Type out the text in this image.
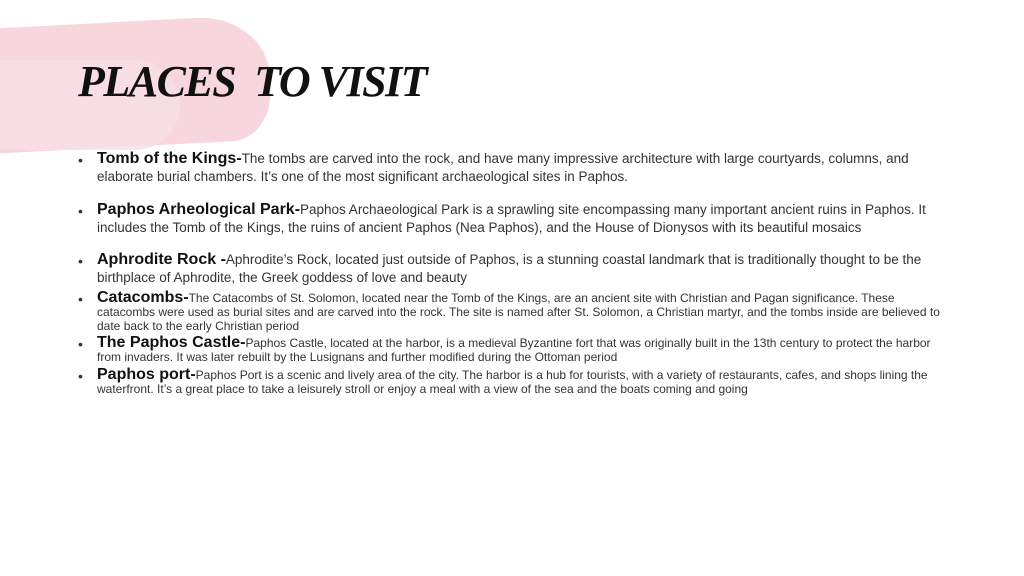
PLACES  TO VISIT
• Tomb of the Kings-The tombs are carved into the rock, and have many impressive architecture with large courtyards, columns, and elaborate burial chambers. It’s one of the most significant archaeological sites in Paphos.
• Paphos Arheological Park-Paphos Archaeological Park is a sprawling site encompassing many important ancient ruins in Paphos. It includes the Tomb of the Kings, the ruins of ancient Paphos (Nea Paphos), and the House of Dionysos with its beautiful mosaics
• Aphrodite Rock -Aphrodite’s Rock, located just outside of Paphos, is a stunning coastal landmark that is traditionally thought to be the birthplace of Aphrodite, the Greek goddess of love and beauty
• Catacombs-The Catacombs of St. Solomon, located near the Tomb of the Kings, are an ancient site with Christian and Pagan significance. These catacombs were used as burial sites and are carved into the rock. The site is named after St. Solomon, a Christian martyr, and the tombs inside are believed to date back to the early Christian period
• The Paphos Castle-Paphos Castle, located at the harbor, is a medieval Byzantine fort that was originally built in the 13th century to protect the harbor from invaders. It was later rebuilt by the Lusignans and further modified during the Ottoman period
• Paphos port-Paphos Port is a scenic and lively area of the city. The harbor is a hub for tourists, with a variety of restaurants, cafes, and shops lining the waterfront. It’s a great place to take a leisurely stroll or enjoy a meal with a view of the sea and the boats coming and going
